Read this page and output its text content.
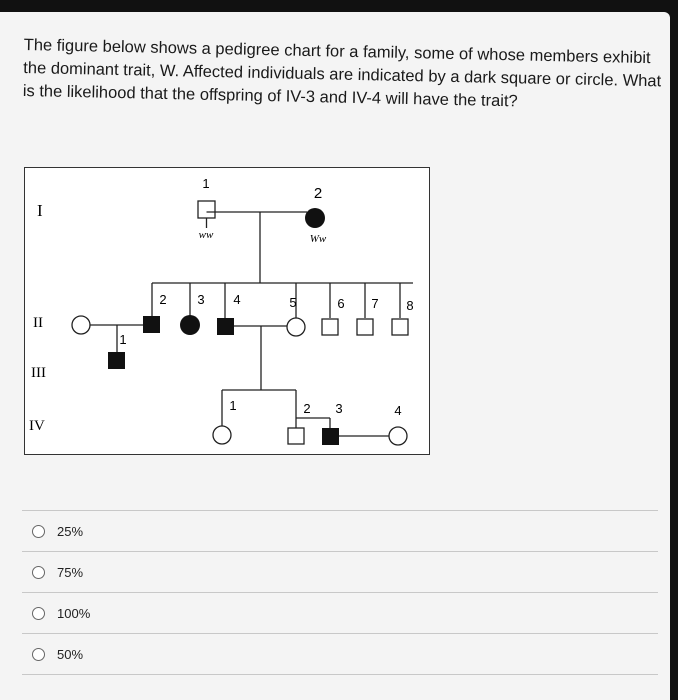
The figure below shows a pedigree chart for a family, some of whose members exhibit the dominant trait, W. Affected individuals are indicated by a dark square or circle. What is the likelihood that the offspring of IV-3 and IV-4 will have the trait?

I
II
III
IV
1
2
ww	Ww
2 3 4	5	6 7 8
1
1	2 3	4
25%
75%
100%
50%
